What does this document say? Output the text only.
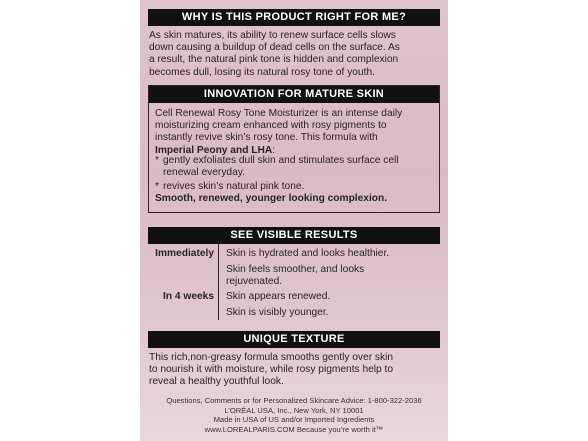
WHY IS THIS PRODUCT RIGHT FOR ME?
As skin matures, its ability to renew surface cells slows
down causing a buildup of dead cells on the surface. As
a result, the natural pink tone is hidden and complexion
becomes dull, losing its natural rosy tone of youth.
INNOVATION FOR MATURE SKIN
Cell Renewal Rosy Tone Moisturizer is an intense daily
moisturizing cream enhanced with rosy pigments to
instantly revive skin’s rosy tone. This formula with
Imperial Peony and LHA:
* gently exfoliates dull skin and stimulates surface cell
renewal everyday.
* revives skin’s natural pink tone.
Smooth, renewed, younger looking complexion.
SEE VISIBLE RESULTS
Immediately Skin is hydrated and looks healthier.
Skin feels smoother, and looks
rejuvenated.
In 4 weeks Skin appears renewed.
Skin is visibly younger.
UNIQUE TEXTURE
This rich,non-greasy formula smooths gently over skin
to nourish it with moisture, while rosy pigments help to
reveal a healthy youthful look.
Questions, Comments or for Personalized Skincare Advice: 1-800-322-2036
L’ORÉAL USA, Inc., New York, NY 10001
Made in USA of US and/or Imported Ingredients
www.LOREALPARIS.COM Because you’re worth it™
